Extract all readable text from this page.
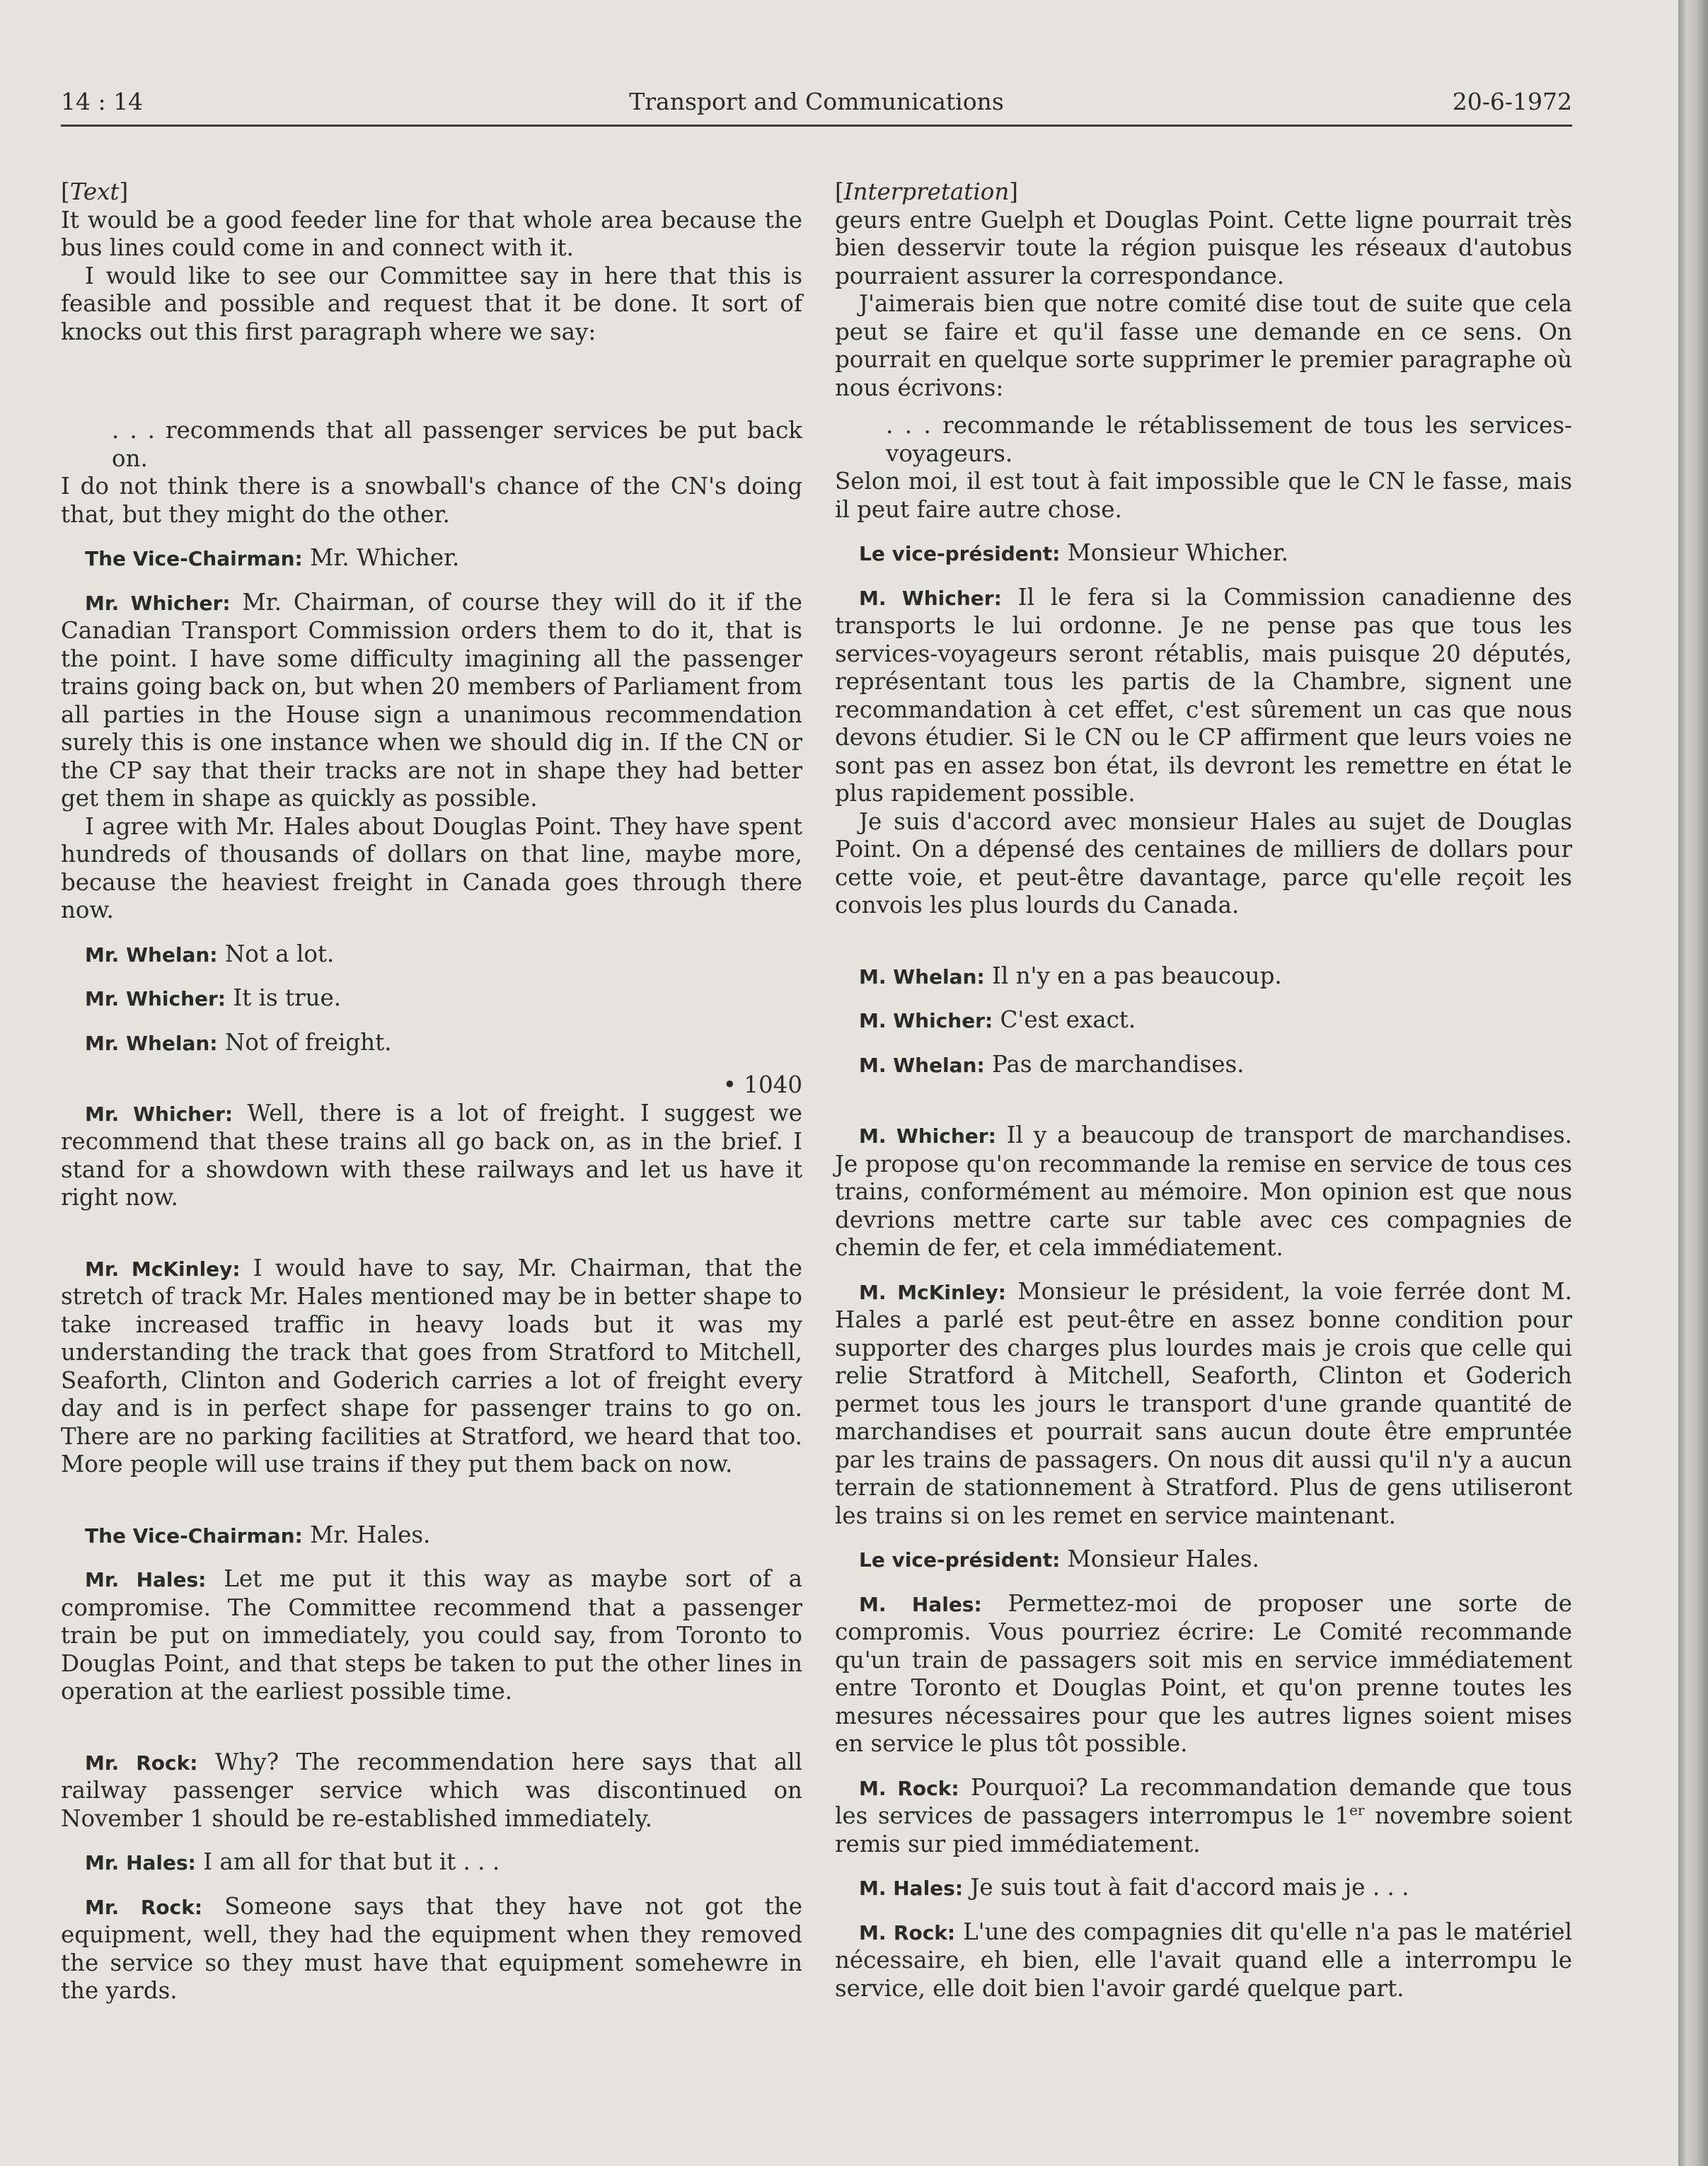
14 : 14	Transport and Communications	20-6-1972

[Text]

It would be a good feeder line for that whole area because the bus lines could come in and connect with it.

I would like to see our Committee say in here that this is feasible and possible and request that it be done. It sort of knocks out this first paragraph where we say:

. . . recommends that all passenger services be put back on.

I do not think there is a snowball's chance of the CN's doing that, but they might do the other.

The Vice-Chairman: Mr. Whicher.

Mr. Whicher: Mr. Chairman, of course they will do it if the Canadian Transport Commission orders them to do it, that is the point. I have some difficulty imagining all the passenger trains going back on, but when 20 members of Parliament from all parties in the House sign a unanimous recommendation surely this is one instance when we should dig in. If the CN or the CP say that their tracks are not in shape they had better get them in shape as quickly as possible.

I agree with Mr. Hales about Douglas Point. They have spent hundreds of thousands of dollars on that line, maybe more, because the heaviest freight in Canada goes through there now.

Mr. Whelan: Not a lot.

Mr. Whicher: It is true.

Mr. Whelan: Not of freight.

• 1040

Mr. Whicher: Well, there is a lot of freight. I suggest we recommend that these trains all go back on, as in the brief. I stand for a showdown with these railways and let us have it right now.

Mr. McKinley: I would have to say, Mr. Chairman, that the stretch of track Mr. Hales mentioned may be in better shape to take increased traffic in heavy loads but it was my understanding the track that goes from Stratford to Mitchell, Seaforth, Clinton and Goderich carries a lot of freight every day and is in perfect shape for passenger trains to go on. There are no parking facilities at Stratford, we heard that too. More people will use trains if they put them back on now.

The Vice-Chairman: Mr. Hales.

Mr. Hales: Let me put it this way as maybe sort of a compromise. The Committee recommend that a passenger train be put on immediately, you could say, from Toronto to Douglas Point, and that steps be taken to put the other lines in operation at the earliest possible time.

Mr. Rock: Why? The recommendation here says that all railway passenger service which was discontinued on November 1 should be re-established immediately.

Mr. Hales: I am all for that but it . . .

Mr. Rock: Someone says that they have not got the equipment, well, they had the equipment when they removed the service so they must have that equipment somehewre in the yards.

[Interpretation]

geurs entre Guelph et Douglas Point. Cette ligne pourrait très bien desservir toute la région puisque les réseaux d'autobus pourraient assurer la correspondance.

J'aimerais bien que notre comité dise tout de suite que cela peut se faire et qu'il fasse une demande en ce sens. On pourrait en quelque sorte supprimer le premier paragraphe où nous écrivons:

. . . recommande le rétablissement de tous les services-voyageurs.

Selon moi, il est tout à fait impossible que le CN le fasse, mais il peut faire autre chose.

Le vice-président: Monsieur Whicher.

M. Whicher: Il le fera si la Commission canadienne des transports le lui ordonne. Je ne pense pas que tous les services-voyageurs seront rétablis, mais puisque 20 députés, représentant tous les partis de la Chambre, signent une recommandation à cet effet, c'est sûrement un cas que nous devons étudier. Si le CN ou le CP affirment que leurs voies ne sont pas en assez bon état, ils devront les remettre en état le plus rapidement possible.

Je suis d'accord avec monsieur Hales au sujet de Douglas Point. On a dépensé des centaines de milliers de dollars pour cette voie, et peut-être davantage, parce qu'elle reçoit les convois les plus lourds du Canada.

M. Whelan: Il n'y en a pas beaucoup.

M. Whicher: C'est exact.

M. Whelan: Pas de marchandises.

M. Whicher: Il y a beaucoup de transport de marchandises. Je propose qu'on recommande la remise en service de tous ces trains, conformément au mémoire. Mon opinion est que nous devrions mettre carte sur table avec ces compagnies de chemin de fer, et cela immédiatement.

M. McKinley: Monsieur le président, la voie ferrée dont M. Hales a parlé est peut-être en assez bonne condition pour supporter des charges plus lourdes mais je crois que celle qui relie Stratford à Mitchell, Seaforth, Clinton et Goderich permet tous les jours le transport d'une grande quantité de marchandises et pourrait sans aucun doute être empruntée par les trains de passagers. On nous dit aussi qu'il n'y a aucun terrain de stationnement à Stratford. Plus de gens utiliseront les trains si on les remet en service maintenant.

Le vice-président: Monsieur Hales.

M. Hales: Permettez-moi de proposer une sorte de compromis. Vous pourriez écrire: Le Comité recommande qu'un train de passagers soit mis en service immédiatement entre Toronto et Douglas Point, et qu'on prenne toutes les mesures nécessaires pour que les autres lignes soient mises en service le plus tôt possible.

M. Rock: Pourquoi? La recommandation demande que tous les services de passagers interrompus le 1er novembre soient remis sur pied immédiatement.

M. Hales: Je suis tout à fait d'accord mais je . . .

M. Rock: L'une des compagnies dit qu'elle n'a pas le matériel nécessaire, eh bien, elle l'avait quand elle a interrompu le service, elle doit bien l'avoir gardé quelque part.
